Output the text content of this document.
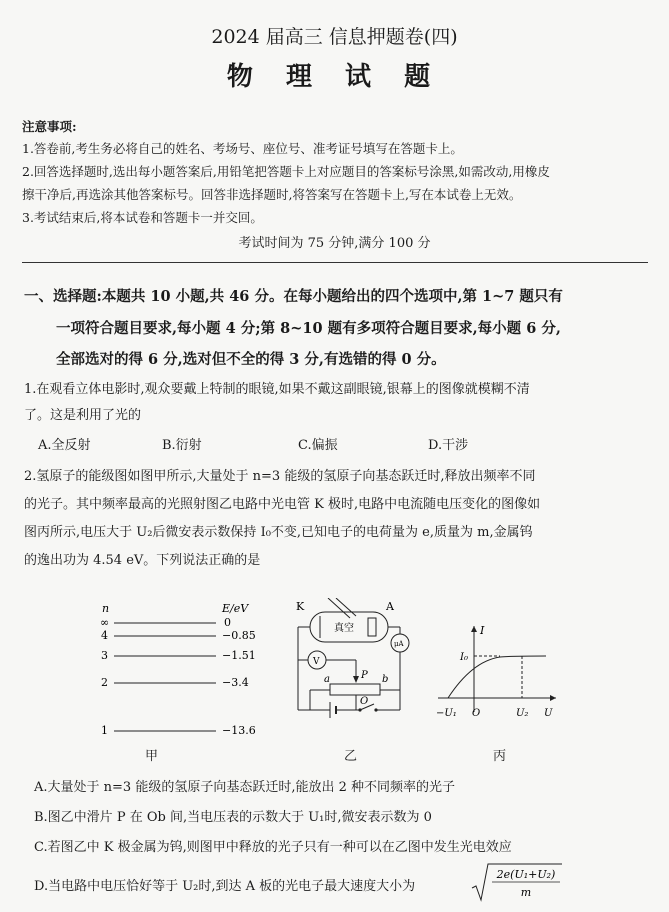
2024 届高三 信息押题卷(四)
物 理 试 题
注意事项:
1.答卷前,考生务必将自己的姓名、考场号、座位号、准考证号填写在答题卡上。
2.回答选择题时,选出每小题答案后,用铅笔把答题卡上对应题目的答案标号涂黑,如需改动,用橡皮
擦干净后,再选涂其他答案标号。回答非选择题时,将答案写在答题卡上,写在本试卷上无效。
3.考试结束后,将本试卷和答题卡一并交回。
考试时间为 75 分钟,满分 100 分
一、选择题:本题共 10 小题,共 46 分。在每小题给出的四个选项中,第 1~7 题只有
一项符合题目要求,每小题 4 分;第 8~10 题有多项符合题目要求,每小题 6 分,
全部选对的得 6 分,选对但不全的得 3 分,有选错的得 0 分。
1.在观看立体电影时,观众要戴上特制的眼镜,如果不戴这副眼镜,银幕上的图像就模糊不清
了。这是利用了光的
A.全反射	B.衍射	C.偏振	D.干涉
2.氢原子的能级图如图甲所示,大量处于 n=3 能级的氢原子向基态跃迁时,释放出频率不同
的光子。其中频率最高的光照射图乙电路中光电管 K 极时,电路中电流随电压变化的图像如
图丙所示,电压大于 U₂后微安表示数保持 I₀不变,已知电子的电荷量为 e,质量为 m,金属钨
的逸出功为 4.54 eV。下列说法正确的是
n	E/eV
∞	0
4	−0.85
3	−1.51
2	−3.4
1	−13.6
甲
K	A
真空
μA
V
P
a	b
O
乙
I
I₀
−U₁ O	U₂ U
丙
A.大量处于 n=3 能级的氢原子向基态跃迁时,能放出 2 种不同频率的光子
B.图乙中滑片 P 在 Ob 间,当电压表的示数大于 U₁时,微安表示数为 0
C.若图乙中 K 极金属为钨,则图甲中释放的光子只有一种可以在乙图中发生光电效应
D.当电路中电压恰好等于 U₂时,到达 A 板的光电子最大速度大小为
2e(U₁+U₂)
m
